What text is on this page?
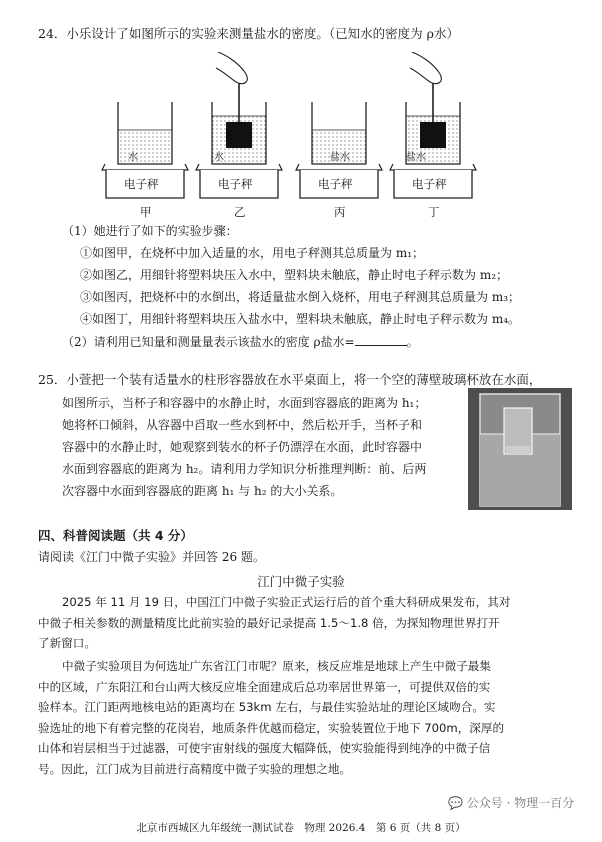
24．小乐设计了如图所示的实验来测量盐水的密度。（已知水的密度为 ρ水）
水	水	盐水	盐水
电子秤	电子秤	电子秤	电子秤
甲	乙	丙	丁
（1）她进行了如下的实验步骤：
①如图甲，在烧杯中加入适量的水，用电子秤测其总质量为 m₁；
②如图乙，用细针将塑料块压入水中，塑料块未触底，静止时电子秤示数为 m₂；
③如图丙，把烧杯中的水倒出，将适量盐水倒入烧杯，用电子秤测其总质量为 m₃；
④如图丁，用细针将塑料块压入盐水中，塑料块未触底，静止时电子秤示数为 m₄。
（2）请利用已知量和测量量表示该盐水的密度 ρ盐水=	。
25．小萱把一个装有适量水的柱形容器放在水平桌面上，将一个空的薄壁玻璃杯放在水面，
如图所示，当杯子和容器中的水静止时，水面到容器底的距离为 h₁；
她将杯口倾斜，从容器中舀取一些水到杯中，然后松开手，当杯子和
容器中的水静止时，她观察到装水的杯子仍漂浮在水面，此时容器中
水面到容器底的距离为 h₂。请利用力学知识分析推理判断：前、后两
次容器中水面到容器底的距离 h₁ 与 h₂ 的大小关系。
四、科普阅读题（共 4 分）
请阅读《江门中微子实验》并回答 26 题。
江门中微子实验
2025 年 11 月 19 日，中国江门中微子实验正式运行后的首个重大科研成果发布，其对
中微子相关参数的测量精度比此前实验的最好记录提高 1.5～1.8 倍，为探知物理世界打开
了新窗口。
中微子实验项目为何选址广东省江门市呢？原来，核反应堆是地球上产生中微子最集
中的区域，广东阳江和台山两大核反应堆全面建成后总功率居世界第一，可提供双倍的实
验样本。江门距两地核电站的距离均在 53km 左右，与最佳实验站址的理论区域吻合。实
验选址的地下有着完整的花岗岩，地质条件优越而稳定，实验装置位于地下 700m，深厚的
山体和岩层相当于过滤器，可使宇宙射线的强度大幅降低，使实验能得到纯净的中微子信
号。因此，江门成为目前进行高精度中微子实验的理想之地。
💬 公众号 · 物理一百分
北京市西城区九年级统一测试试卷　物理 2026.4　第 6 页（共 8 页）
